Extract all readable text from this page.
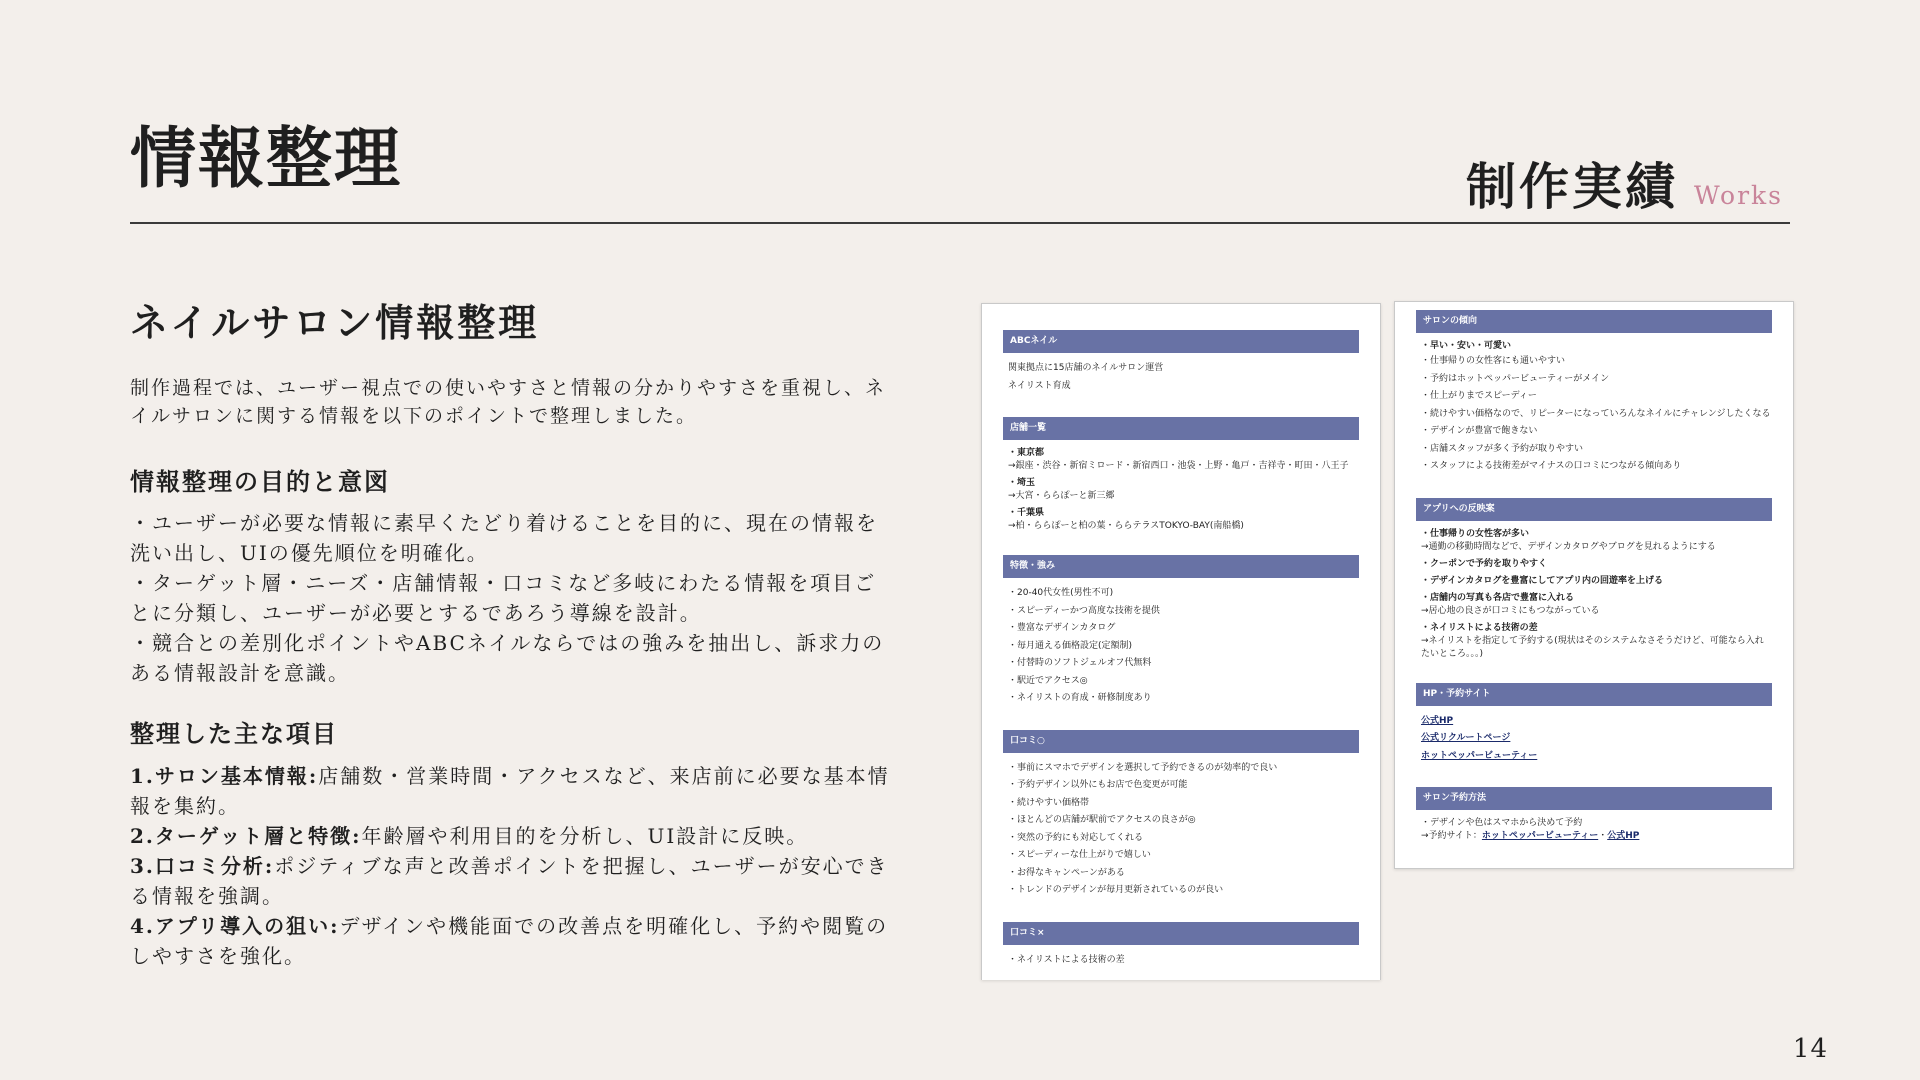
情報整理	制作実績 Works
ネイルサロン情報整理

制作過程では、ユーザー視点での使いやすさと情報の分かりやすさを重視し、ネイルサロンに関する情報を以下のポイントで整理しました。

情報整理の目的と意図
・ユーザーが必要な情報に素早くたどり着けることを目的に、現在の情報を洗い出し、UIの優先順位を明確化。
・ターゲット層・ニーズ・店舗情報・口コミなど多岐にわたる情報を項目ごとに分類し、ユーザーが必要とするであろう導線を設計。
・競合との差別化ポイントやABCネイルならではの強みを抽出し、訴求力のある情報設計を意識。
整理した主な項目
1.サロン基本情報:店舗数・営業時間・アクセスなど、来店前に必要な基本情報を集約。
2.ターゲット層と特徴:年齢層や利用目的を分析し、UI設計に反映。
3.口コミ分析:ポジティブな声と改善ポイントを把握し、ユーザーが安心できる情報を強調。
4.アプリ導入の狙い:デザインや機能面での改善点を明確化し、予約や閲覧のしやすさを強化。
ABCネイル
関東拠点に15店舗のネイルサロン運営
ネイリスト育成
店舗一覧
・東京都
→銀座・渋谷・新宿ミロード・新宿西口・池袋・上野・亀戸・吉祥寺・町田・八王子
・埼玉
→大宮・ららぽーと新三郷
・千葉県
→柏・ららぽーと柏の葉・ららテラスTOKYO-BAY(南船橋)
特徴・強み
・20-40代女性(男性不可)
・スピーディーかつ高度な技術を提供
・豊富なデザインカタログ
・毎月通える価格設定(定額制)
・付替時のソフトジェルオフ代無料
・駅近でアクセス◎
・ネイリストの育成・研修制度あり
口コミ○
・事前にスマホでデザインを選択して予約できるのが効率的で良い
・予約デザイン以外にもお店で色変更が可能
・続けやすい価格帯
・ほとんどの店舗が駅前でアクセスの良さが◎
・突然の予約にも対応してくれる
・スピーディーな仕上がりで嬉しい
・お得なキャンペーンがある
・トレンドのデザインが毎月更新されているのが良い
口コミ×
・ネイリストによる技術の差
サロンの傾向
・早い・安い・可愛い
・仕事帰りの女性客にも通いやすい
・予約はホットペッパービューティーがメイン
・仕上がりまでスピーディー
・続けやすい価格なので、リピーターになっていろんなネイルにチャレンジしたくなる
・デザインが豊富で飽きない
・店舗スタッフが多く予約が取りやすい
・スタッフによる技術差がマイナスの口コミにつながる傾向あり
アプリへの反映案
・仕事帰りの女性客が多い
→通勤の移動時間などで、デザインカタログやブログを見れるようにする
・クーポンで予約を取りやすく
・デザインカタログを豊富にしてアプリ内の回遊率を上げる
・店舗内の写真も各店で豊富に入れる
→居心地の良さが口コミにもつながっている
・ネイリストによる技術の差
→ネイリストを指定して予約する(現状はそのシステムなさそうだけど、可能なら入れたいところ。。。)
HP・予約サイト
公式HP
公式リクルートページ
ホットペッパービューティー
サロン予約方法
・デザインや色はスマホから決めて予約
→予約サイト：ホットペッパービューティー・公式HP
14
